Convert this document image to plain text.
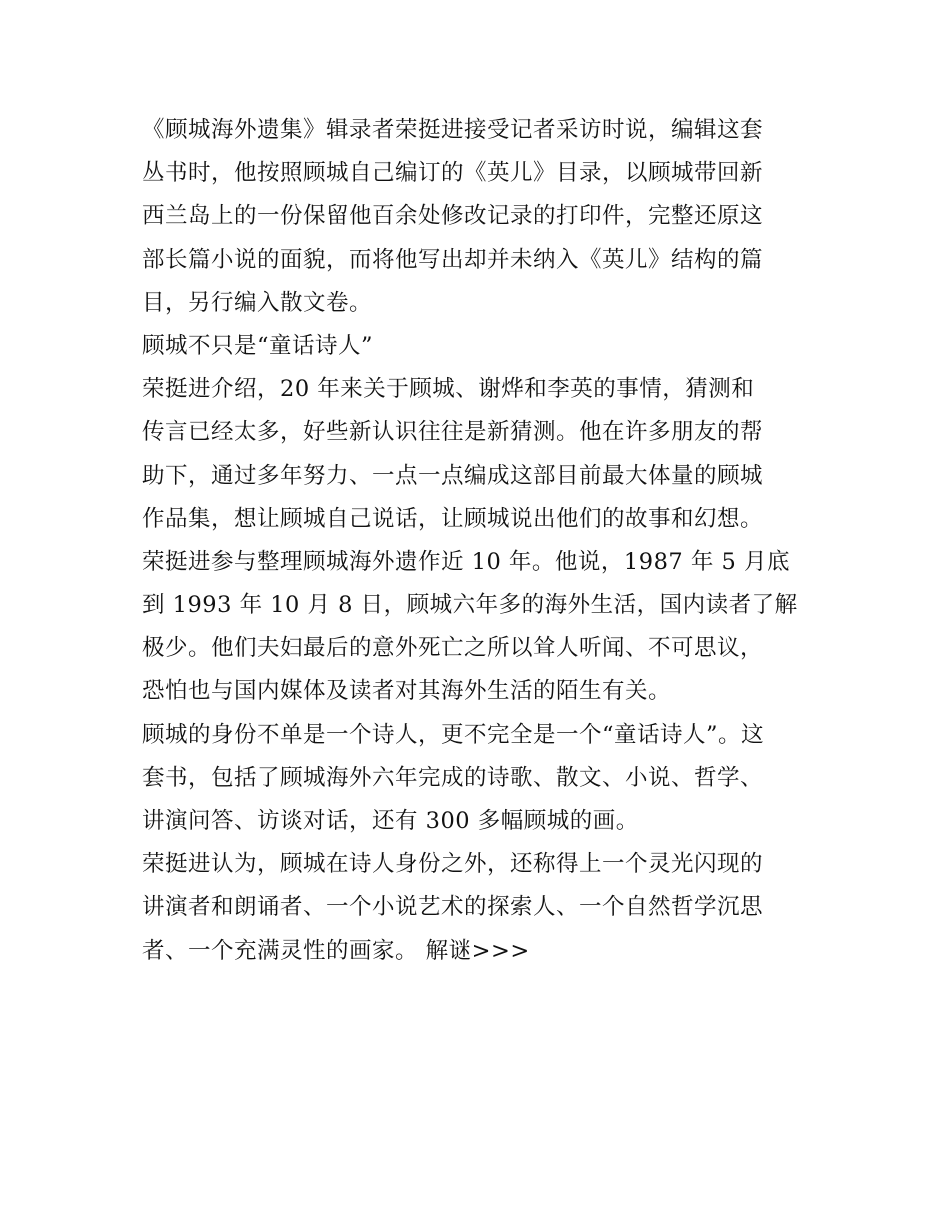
《顾城海外遗集》辑录者荣挺进接受记者采访时说，编辑这套
丛书时，他按照顾城自己编订的《英儿》目录，以顾城带回新
西兰岛上的一份保留他百余处修改记录的打印件，完整还原这
部长篇小说的面貌，而将他写出却并未纳入《英儿》结构的篇
目，另行编入散文卷。
顾城不只是“童话诗人”
荣挺进介绍，20 年来关于顾城、谢烨和李英的事情，猜测和
传言已经太多，好些新认识往往是新猜测。他在许多朋友的帮
助下，通过多年努力、一点一点编成这部目前最大体量的顾城
作品集，想让顾城自己说话，让顾城说出他们的故事和幻想。
荣挺进参与整理顾城海外遗作近 10 年。他说，1987 年 5 月底
到 1993 年 10 月 8 日，顾城六年多的海外生活，国内读者了解
极少。他们夫妇最后的意外死亡之所以耸人听闻、不可思议，
恐怕也与国内媒体及读者对其海外生活的陌生有关。
顾城的身份不单是一个诗人，更不完全是一个“童话诗人”。这
套书，包括了顾城海外六年完成的诗歌、散文、小说、哲学、
讲演问答、访谈对话，还有 300 多幅顾城的画。
荣挺进认为，顾城在诗人身份之外，还称得上一个灵光闪现的
讲演者和朗诵者、一个小说艺术的探索人、一个自然哲学沉思
者、一个充满灵性的画家。 解谜>>>
